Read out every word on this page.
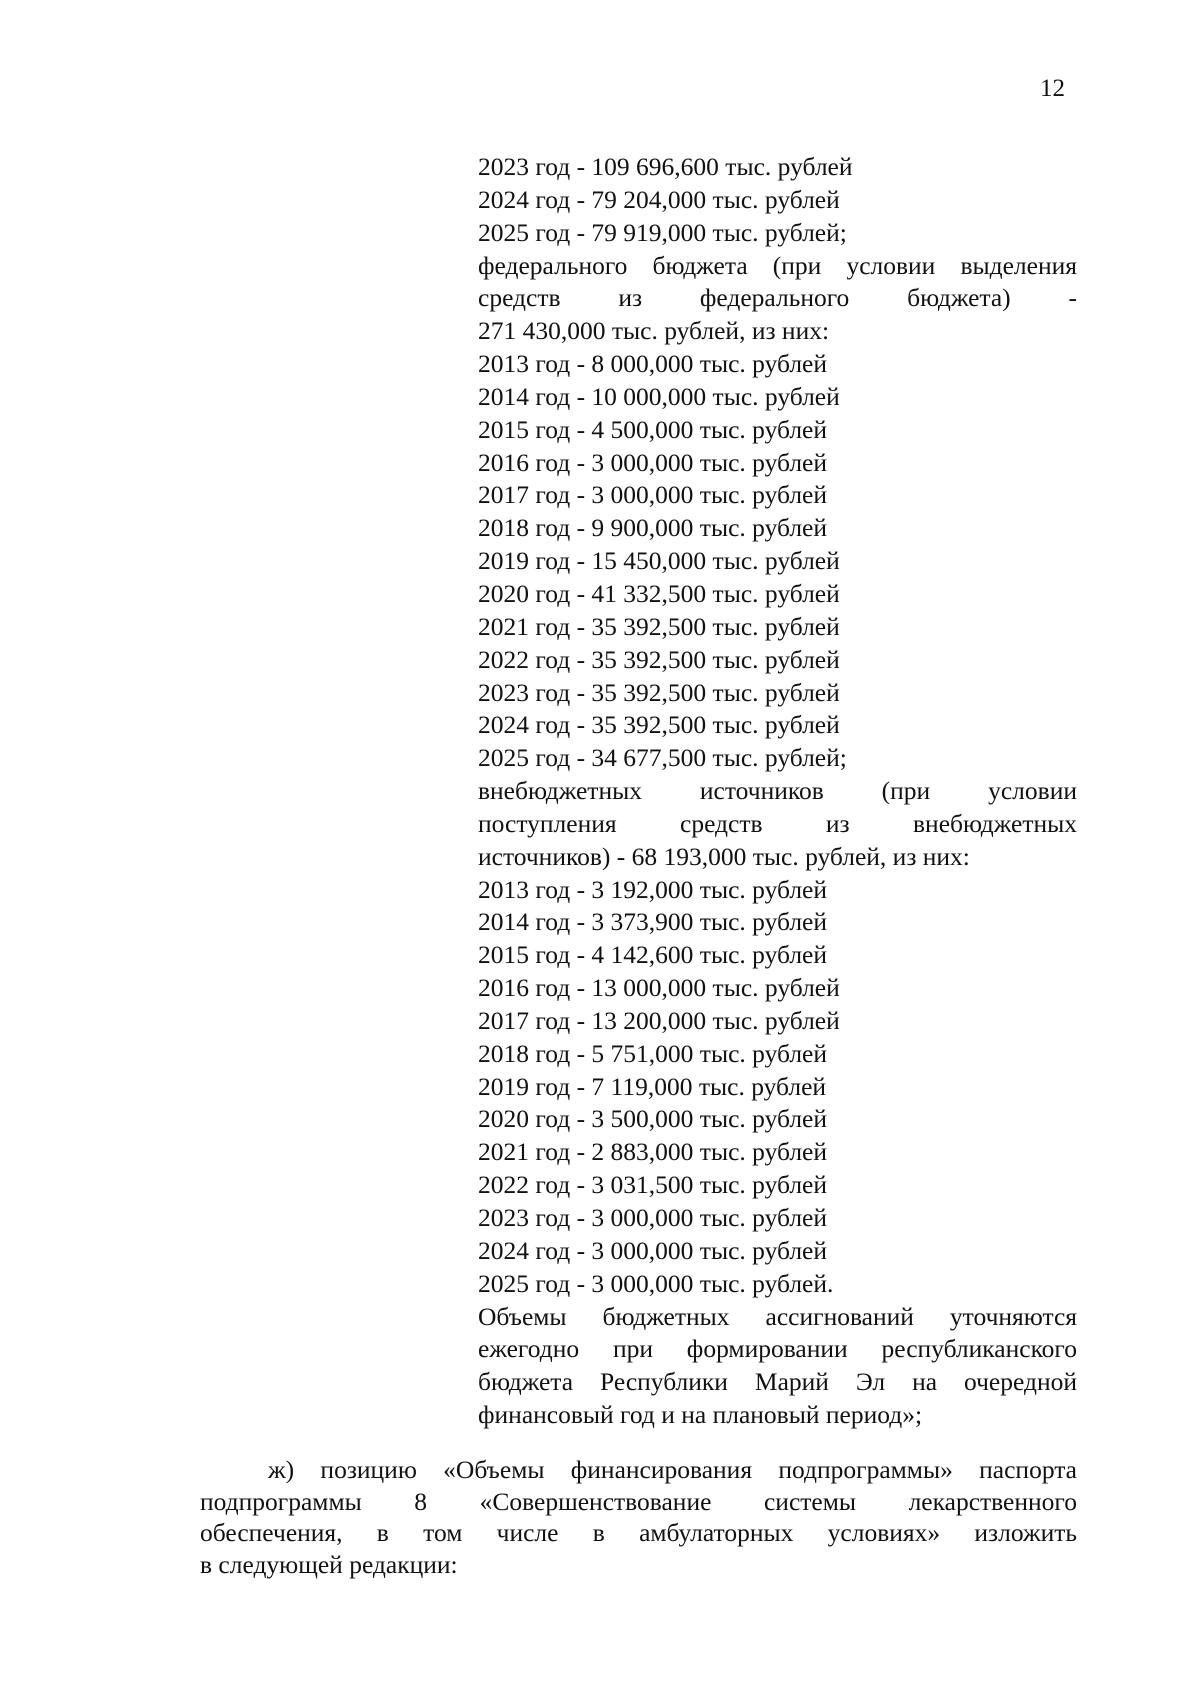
12
2023 год - 109 696,600 тыс. рублей
2024 год - 79 204,000 тыс. рублей
2025 год - 79 919,000 тыс. рублей;
федерального бюджета (при условии выделения
средств из федерального бюджета) -
271 430,000 тыс. рублей, из них:
2013 год - 8 000,000 тыс. рублей
2014 год - 10 000,000 тыс. рублей
2015 год - 4 500,000 тыс. рублей
2016 год - 3 000,000 тыс. рублей
2017 год - 3 000,000 тыс. рублей
2018 год - 9 900,000 тыс. рублей
2019 год - 15 450,000 тыс. рублей
2020 год - 41 332,500 тыс. рублей
2021 год - 35 392,500 тыс. рублей
2022 год - 35 392,500 тыс. рублей
2023 год - 35 392,500 тыс. рублей
2024 год - 35 392,500 тыс. рублей
2025 год - 34 677,500 тыс. рублей;
внебюджетных источников (при условии
поступления средств из внебюджетных
источников) - 68 193,000 тыс. рублей, из них:
2013 год - 3 192,000 тыс. рублей
2014 год - 3 373,900 тыс. рублей
2015 год - 4 142,600 тыс. рублей
2016 год - 13 000,000 тыс. рублей
2017 год - 13 200,000 тыс. рублей
2018 год - 5 751,000 тыс. рублей
2019 год - 7 119,000 тыс. рублей
2020 год - 3 500,000 тыс. рублей
2021 год - 2 883,000 тыс. рублей
2022 год - 3 031,500 тыс. рублей
2023 год - 3 000,000 тыс. рублей
2024 год - 3 000,000 тыс. рублей
2025 год - 3 000,000 тыс. рублей.
Объемы бюджетных ассигнований уточняются
ежегодно при формировании республиканского
бюджета Республики Марий Эл на очередной
финансовый год и на плановый период»;
ж) позицию «Объемы финансирования подпрограммы» паспорта
подпрограммы 8 «Совершенствование системы лекарственного
обеспечения, в том числе в амбулаторных условиях» изложить
в следующей редакции:
